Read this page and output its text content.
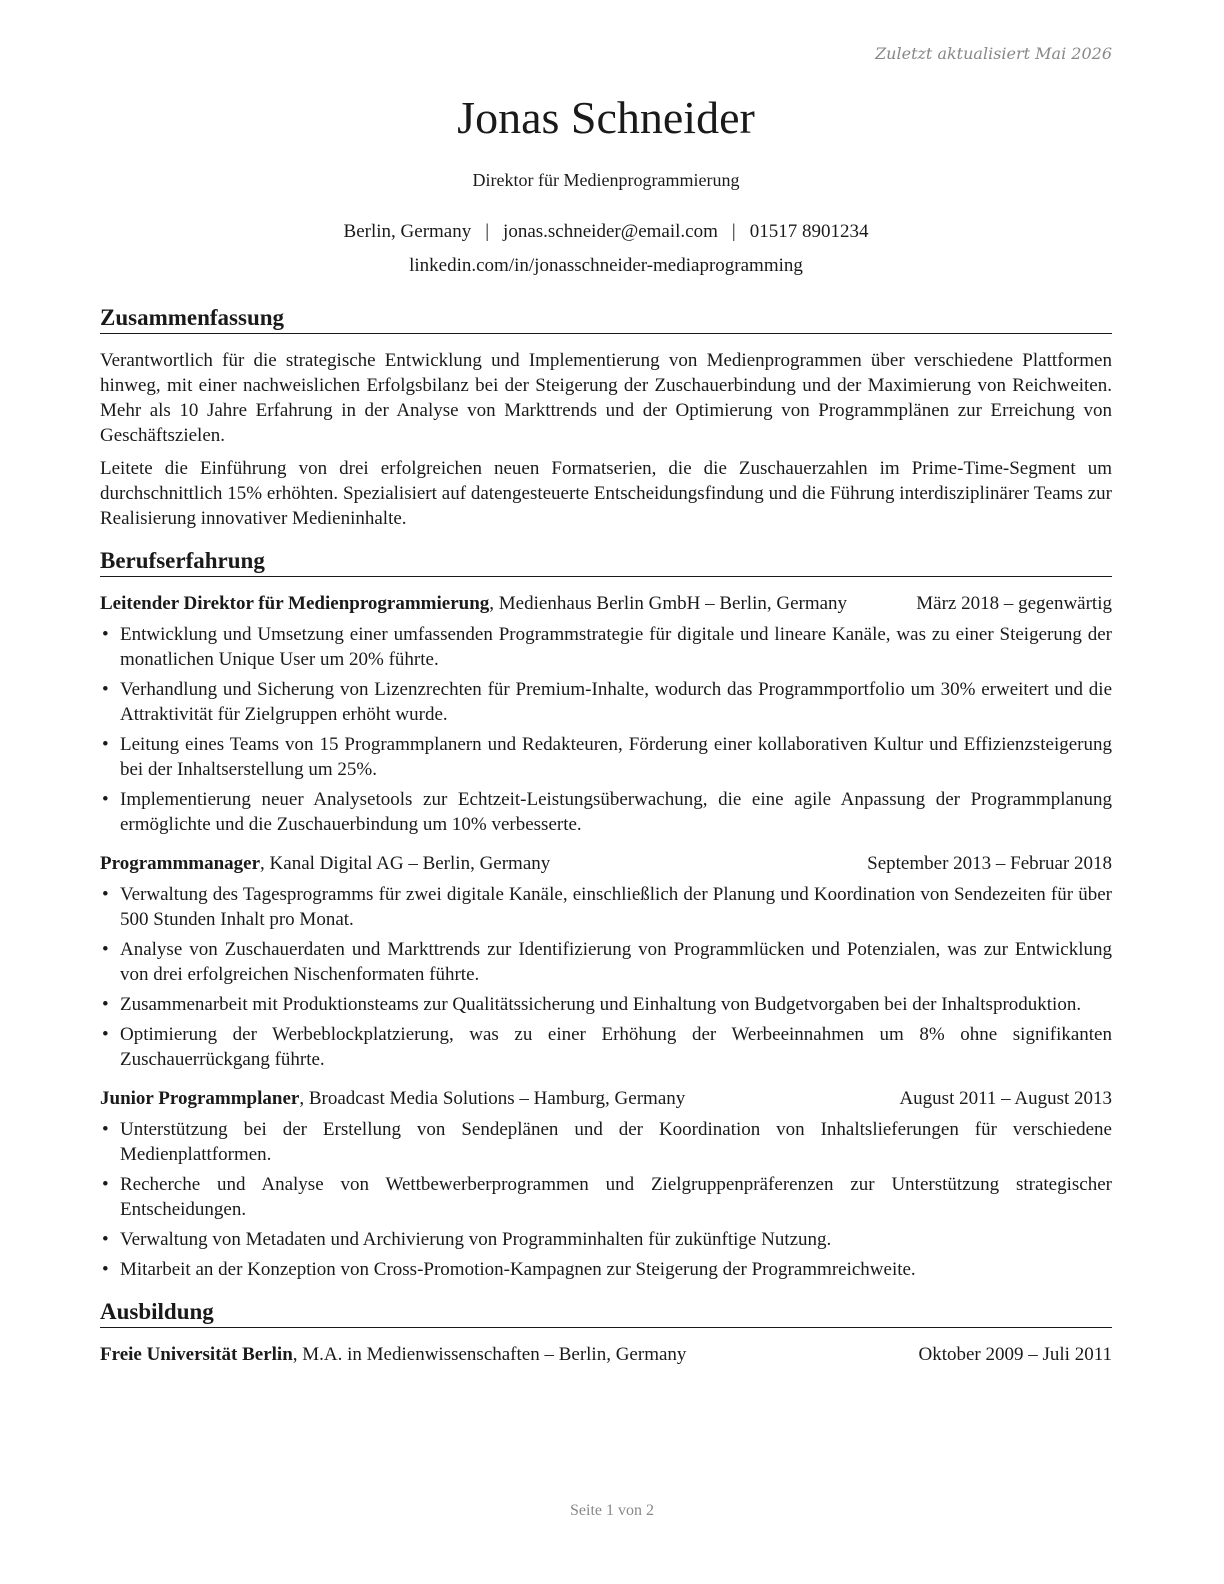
Zuletzt aktualisiert Mai 2026
Jonas Schneider
Direktor für Medienprogrammierung
Berlin, Germany | jonas.schneider@email.com | 01517 8901234
linkedin.com/in/jonasschneider-mediaprogramming
Zusammenfassung

Verantwortlich für die strategische Entwicklung und Implementierung von Medienprogrammen über verschiedene Plattformen hinweg, mit einer nachweislichen Erfolgsbilanz bei der Steigerung der Zuschauerbindung und der Maximierung von Reichweiten. Mehr als 10 Jahre Erfahrung in der Analyse von Markttrends und der Optimierung von Programmplänen zur Erreichung von Geschäftszielen.

Leitete die Einführung von drei erfolgreichen neuen Formatserien, die die Zuschauerzahlen im Prime-Time-Segment um durchschnittlich 15% erhöhten. Spezialisiert auf datengesteuerte Entscheidungsfindung und die Führung interdisziplinärer Teams zur Realisierung innovativer Medieninhalte.

Berufserfahrung
Leitender Direktor für Medienprogrammierung, Medienhaus Berlin GmbH – Berlin, Germany	März 2018 – gegenwärtig
• Entwicklung und Umsetzung einer umfassenden Programmstrategie für digitale und lineare Kanäle, was zu einer Steigerung der monatlichen Unique User um 20% führte.
• Verhandlung und Sicherung von Lizenzrechten für Premium-Inhalte, wodurch das Programmportfolio um 30% erweitert und die Attraktivität für Zielgruppen erhöht wurde.
• Leitung eines Teams von 15 Programmplanern und Redakteuren, Förderung einer kollaborativen Kultur und Effizienzsteigerung bei der Inhaltserstellung um 25%.
• Implementierung neuer Analysetools zur Echtzeit-Leistungsüberwachung, die eine agile Anpassung der Programmplanung ermöglichte und die Zuschauerbindung um 10% verbesserte.
Programmmanager, Kanal Digital AG – Berlin, Germany	September 2013 – Februar 2018
• Verwaltung des Tagesprogramms für zwei digitale Kanäle, einschließlich der Planung und Koordination von Sendezeiten für über 500 Stunden Inhalt pro Monat.
• Analyse von Zuschauerdaten und Markttrends zur Identifizierung von Programmlücken und Potenzialen, was zur Entwicklung von drei erfolgreichen Nischenformaten führte.
• Zusammenarbeit mit Produktionsteams zur Qualitätssicherung und Einhaltung von Budgetvorgaben bei der Inhaltsproduktion.
• Optimierung der Werbeblockplatzierung, was zu einer Erhöhung der Werbeeinnahmen um 8% ohne signifikanten Zuschauerrückgang führte.
Junior Programmplaner, Broadcast Media Solutions – Hamburg, Germany	August 2011 – August 2013
• Unterstützung bei der Erstellung von Sendeplänen und der Koordination von Inhaltslieferungen für verschiedene Medienplattformen.
• Recherche und Analyse von Wettbewerberprogrammen und Zielgruppenpräferenzen zur Unterstützung strategischer Entscheidungen.
• Verwaltung von Metadaten und Archivierung von Programminhalten für zukünftige Nutzung.
• Mitarbeit an der Konzeption von Cross-Promotion-Kampagnen zur Steigerung der Programmreichweite.
Ausbildung
Freie Universität Berlin, M.A. in Medienwissenschaften – Berlin, Germany	Oktober 2009 – Juli 2011
Seite 1 von 2
